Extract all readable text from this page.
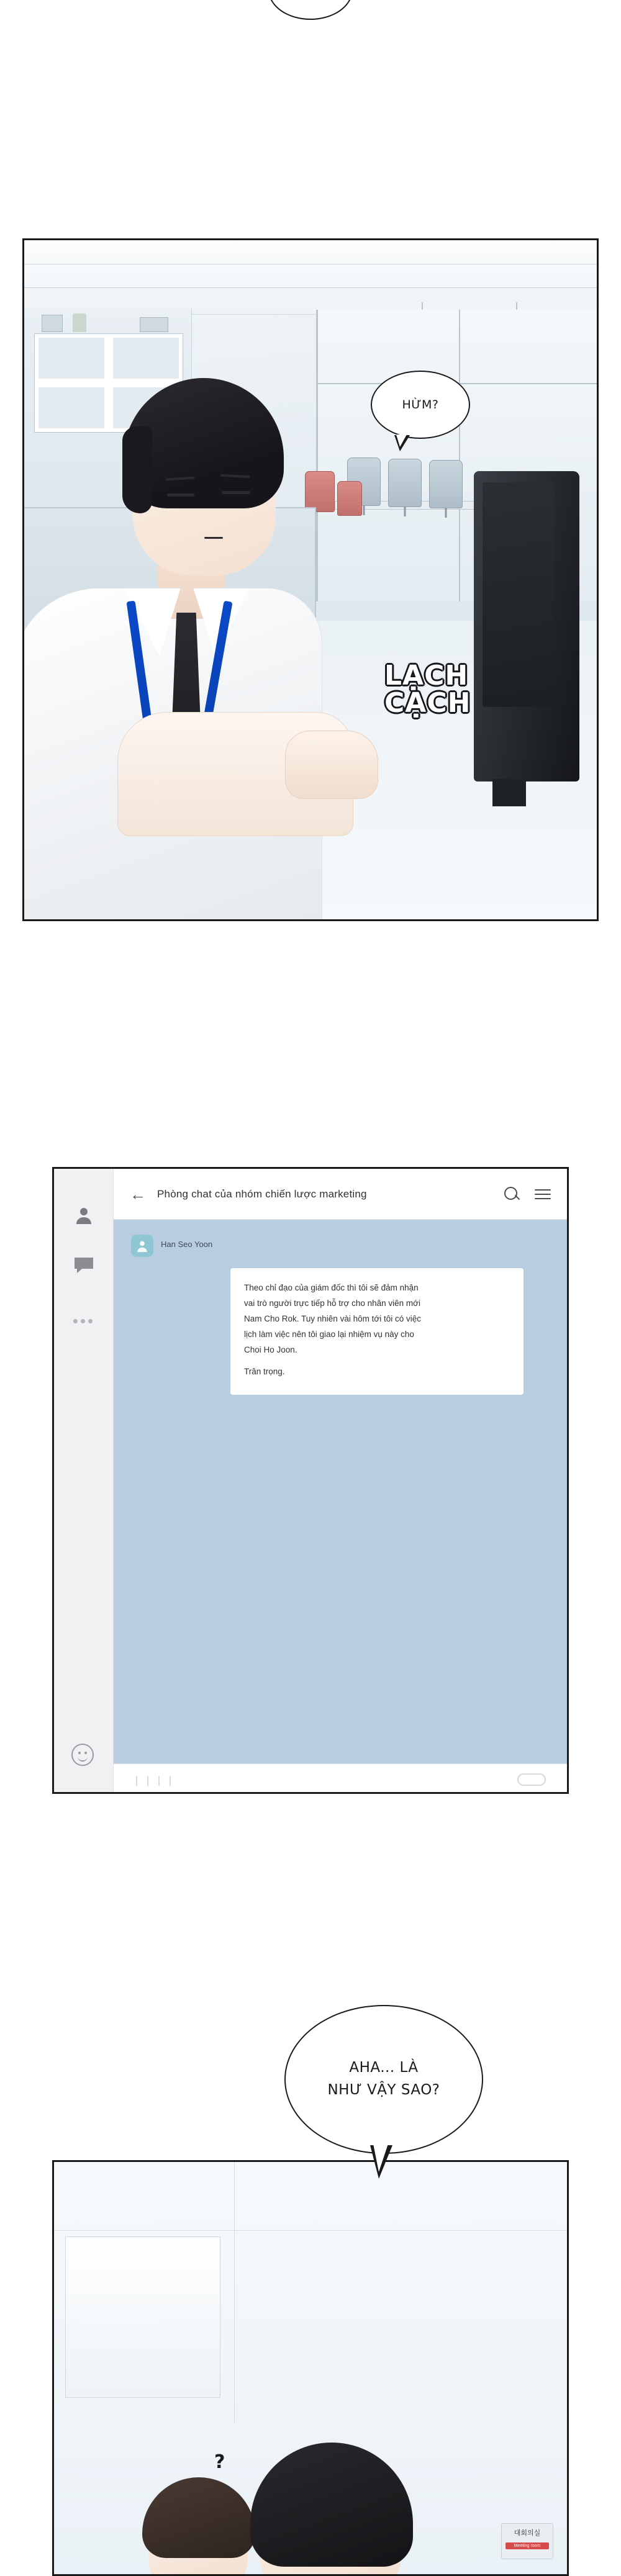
HỪM?
LẠCH
CẠCH
•••
← Phòng chat của nhóm chiến lược marketing
Han Seo Yoon

Theo chỉ đạo của giám đốc thì tôi sẽ đảm nhận

vai trò người trực tiếp hỗ trợ cho nhân viên mới

Nam Cho Rok. Tuy nhiên vài hôm tới tôi có việc

lịch làm việc nên tôi giao lại nhiệm vụ này cho

Choi Ho Joon.

Trân trọng.

AHA... LÀ
NHƯ VẬY SAO?
?
대회의실
Meeting room
